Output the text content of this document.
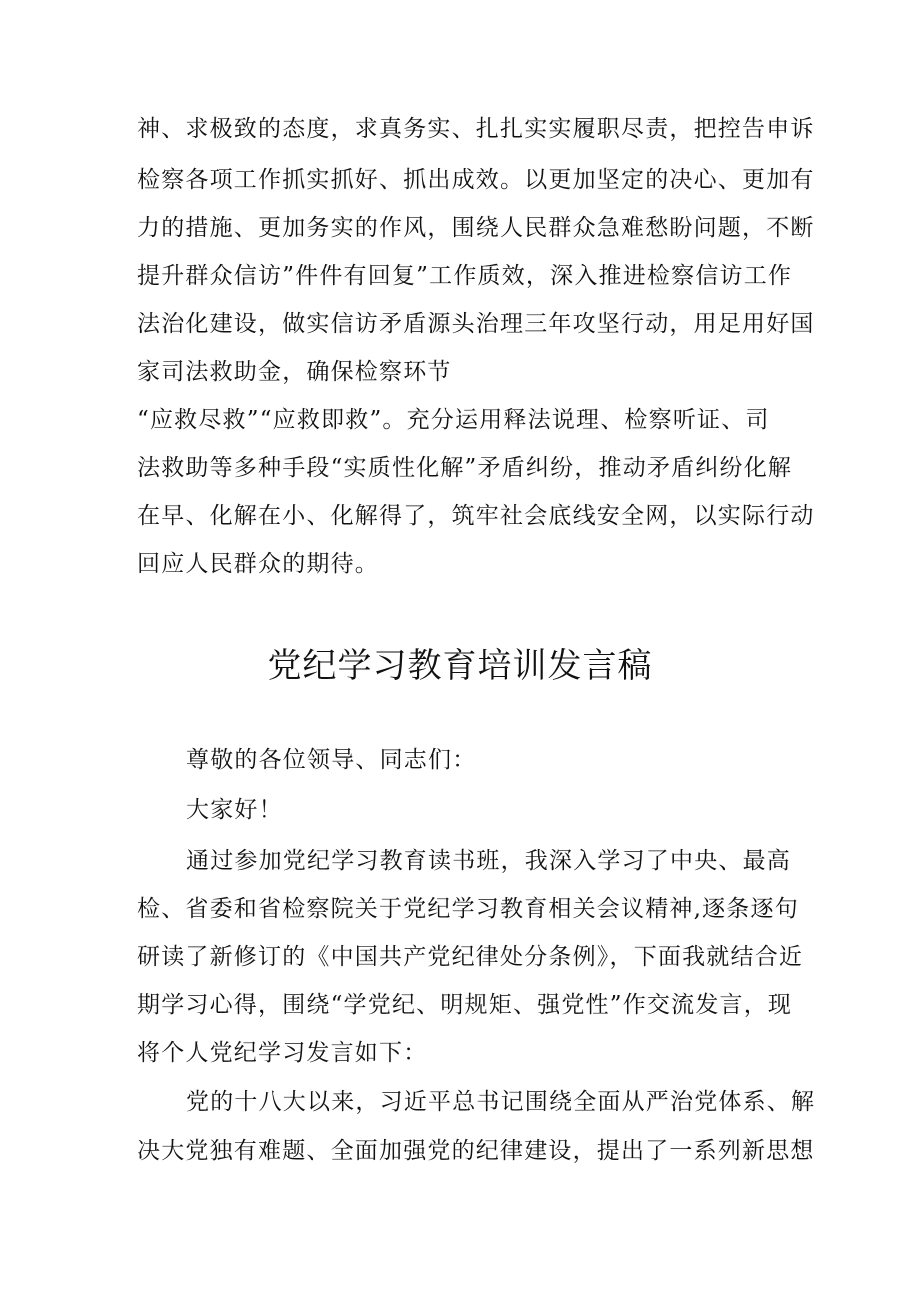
神、求极致的态度，求真务实、扎扎实实履职尽责，把控告申诉
检察各项工作抓实抓好、抓出成效。以更加坚定的决心、更加有
力的措施、更加务实的作风，围绕人民群众急难愁盼问题，不断
提升群众信访”件件有回复”工作质效，深入推进检察信访工作
法治化建设，做实信访矛盾源头治理三年攻坚行动，用足用好国
家司法救助金，确保检察环节
“应救尽救”“应救即救”。充分运用释法说理、检察听证、司
法救助等多种手段“实质性化解”矛盾纠纷，推动矛盾纠纷化解
在早、化解在小、化解得了，筑牢社会底线安全网，以实际行动
回应人民群众的期待。
党纪学习教育培训发言稿
尊敬的各位领导、同志们：
大家好！
通过参加党纪学习教育读书班，我深入学习了中央、最高
检、省委和省检察院关于党纪学习教育相关会议精神,逐条逐句
研读了新修订的《中国共产党纪律处分条例》，下面我就结合近
期学习心得，围绕“学党纪、明规矩、强党性”作交流发言，现
将个人党纪学习发言如下：
党的十八大以来，习近平总书记围绕全面从严治党体系、解
决大党独有难题、全面加强党的纪律建设，提出了一系列新思想
